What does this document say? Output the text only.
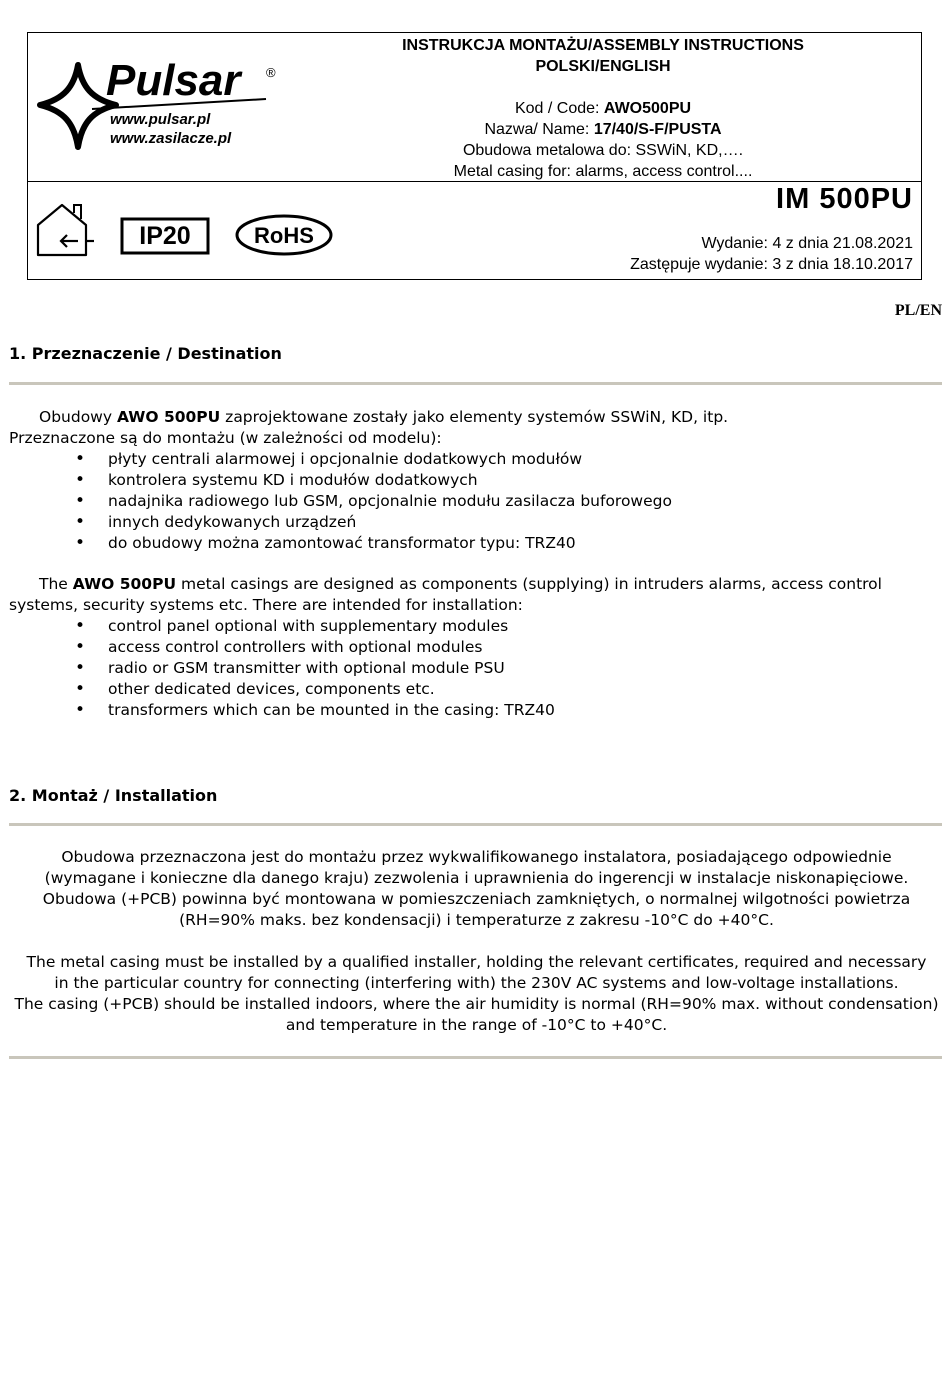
®
Pulsar
www.pulsar.pl
www.zasilacze.pl
INSTRUKCJA MONTAŻU/ASSEMBLY INSTRUCTIONS
POLSKI/ENGLISH
Kod / Code: AWO500PU
Nazwa/ Name: 17/40/S-F/PUSTA
Obudowa metalowa do: SSWiN, KD,….
Metal casing for: alarms, access control....
IP20	RoHS
IM 500PU
Wydanie: 4 z dnia 21.08.2021
Zastępuje wydanie: 3 z dnia 18.10.2017
PL/EN
1. Przeznaczenie / Destination

Obudowy AWO 500PU zaprojektowane zostały jako elementy systemów SSWiN, KD, itp.

Przeznaczone są do montażu (w zależności od modelu):

• płyty centrali alarmowej i opcjonalnie dodatkowych modułów
• kontrolera systemu KD i modułów dodatkowych
• nadajnika radiowego lub GSM, opcjonalnie modułu zasilacza buforowego
• innych dedykowanych urządzeń
• do obudowy można zamontować transformator typu: TRZ40

The AWO 500PU metal casings are designed as components (supplying) in intruders alarms, access control systems, security systems etc. There are intended for installation:

• control panel optional with supplementary modules
• access control controllers with optional modules
• radio or GSM transmitter with optional module PSU
• other dedicated devices, components etc.
• transformers which can be mounted in the casing: TRZ40
2. Montaż / Installation

Obudowa przeznaczona jest do montażu przez wykwalifikowanego instalatora, posiadającego odpowiednie

(wymagane i konieczne dla danego kraju) zezwolenia i uprawnienia do ingerencji w instalacje niskonapięciowe.

Obudowa (+PCB) powinna być montowana w pomieszczeniach zamkniętych, o normalnej wilgotności powietrza

(RH=90% maks. bez kondensacji) i temperaturze z zakresu -10°C do +40°C.

The metal casing must be installed by a qualified installer, holding the relevant certificates, required and necessary

in the particular country for connecting (interfering with) the 230V AC systems and low-voltage installations.

The casing (+PCB) should be installed indoors, where the air humidity is normal (RH=90% max. without condensation)

and temperature in the range of -10°C to +40°C.
